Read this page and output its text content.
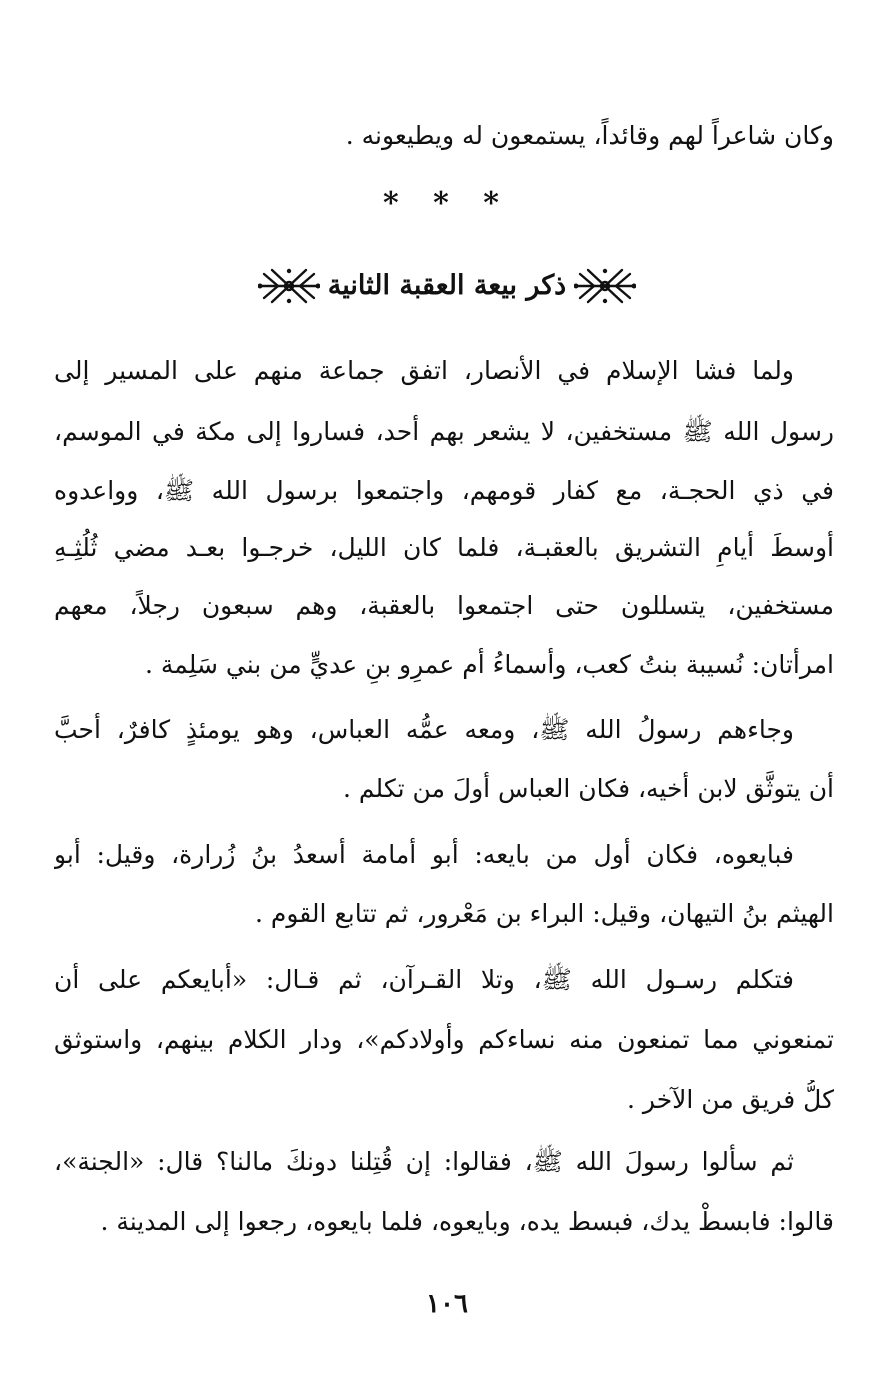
وكان شاعراً لهم وقائداً، يستمعون له ويطيعونه .
* * *
ذكر بيعة العقبة الثانية
ولما فشا الإسلام في الأنصار، اتفق جماعة منهم على المسير إلى
رسول الله ﷺ مستخفين، لا يشعر بهم أحد، فساروا إلى مكة في الموسم،
في ذي الحجـة، مع كفار قومهم، واجتمعوا برسول الله ﷺ، وواعدوه
أوسطَ أيامِ التشريق بالعقبـة، فلما كان الليل، خرجـوا بعـد مضي ثُلُثِـهِ
مستخفين، يتسللون حتى اجتمعوا بالعقبة، وهم سبعون رجلاً، معهم
امرأتان: نُسيبة بنتُ كعب، وأسماءُ أم عمرِو بنِ عديٍّ من بني سَلِمة .
وجاءهم رسولُ الله ﷺ، ومعه عمُّه العباس، وهو يومئذٍ كافرٌ، أحبَّ
أن يتوثَّق لابن أخيه، فكان العباس أولَ من تكلم .
فبايعوه، فكان أول من بايعه: أبو أمامة أسعدُ بنُ زُرارة، وقيل: أبو
الهيثم بنُ التيهان، وقيل: البراء بن مَعْرور، ثم تتابع القوم .
فتكلم رسـول الله ﷺ، وتلا القـرآن، ثم قـال: «أبايعكم على أن
تمنعوني مما تمنعون منه نساءكم وأولادكم»، ودار الكلام بينهم، واستوثق
كلُّ فريق من الآخر .
ثم سألوا رسولَ الله ﷺ، فقالوا: إن قُتِلنا دونكَ مالنا؟ قال: «الجنة»،
قالوا: فابسطْ يدك، فبسط يده، وبايعوه، فلما بايعوه، رجعوا إلى المدينة .
١٠٦
